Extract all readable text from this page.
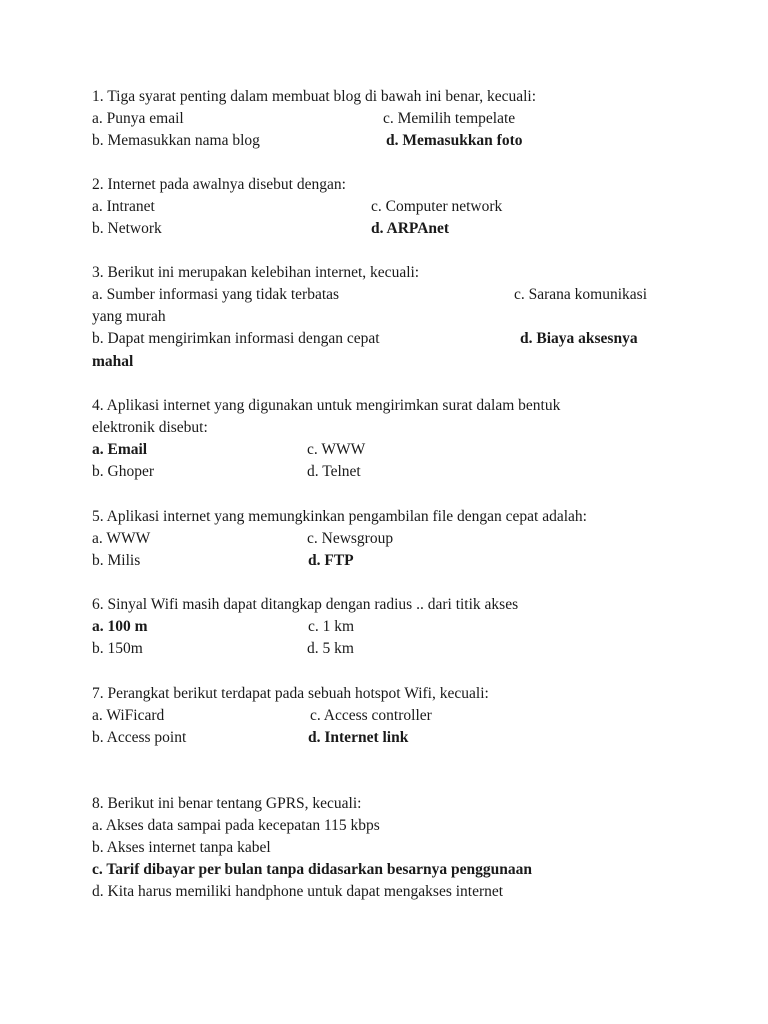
1. Tiga syarat penting dalam membuat blog di bawah ini benar, kecuali:
a. Punya email	c. Memilih tempelate
b. Memasukkan nama blog	d. Memasukkan foto
2. Internet pada awalnya disebut dengan:
a. Intranet	c. Computer network
b. Network	d. ARPAnet
3. Berikut ini merupakan kelebihan internet, kecuali:
a. Sumber informasi yang tidak terbatas	c. Sarana komunikasi
yang murah
b. Dapat mengirimkan informasi dengan cepat	d. Biaya aksesnya
mahal
4. Aplikasi internet yang digunakan untuk mengirimkan surat dalam bentuk
elektronik disebut:
a. Email	c. WWW
b. Ghoper	d. Telnet
5. Aplikasi internet yang memungkinkan pengambilan file dengan cepat adalah:
a. WWW	c. Newsgroup
b. Milis	d. FTP
6. Sinyal Wifi masih dapat ditangkap dengan radius .. dari titik akses
a. 100 m	c. 1 km
b. 150m	d. 5 km
7. Perangkat berikut terdapat pada sebuah hotspot Wifi, kecuali:
a. WiFicard	c. Access controller
b. Access point	d. Internet link
8. Berikut ini benar tentang GPRS, kecuali:
a. Akses data sampai pada kecepatan 115 kbps
b. Akses internet tanpa kabel
c. Tarif dibayar per bulan tanpa didasarkan besarnya penggunaan
d. Kita harus memiliki handphone untuk dapat mengakses internet
